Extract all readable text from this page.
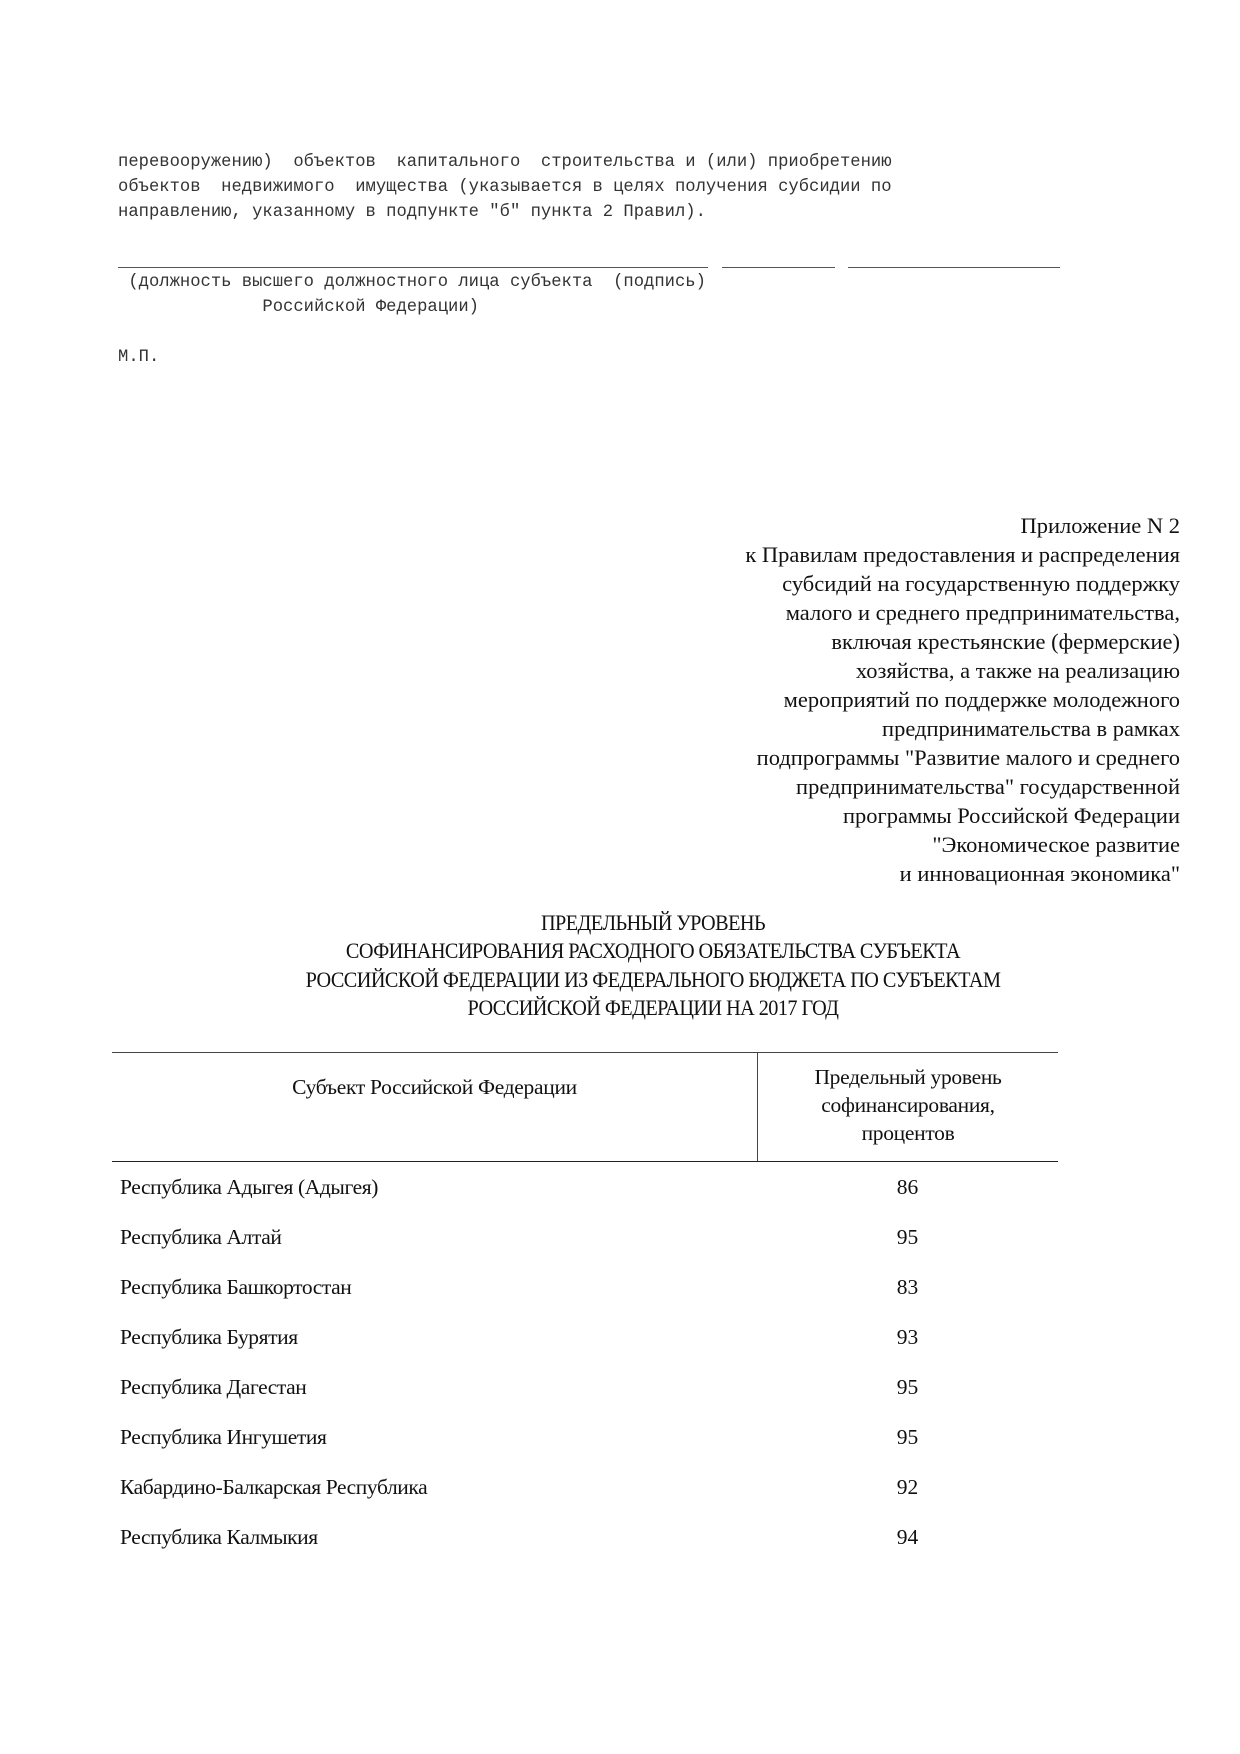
перевооружению)  объектов  капитального  строительства и (или) приобретению

объектов  недвижимого  имущества (указывается в целях получения субсидии по

направлению, указанному в подпункте "б" пункта 2 Правил).

(должность высшего должностного лица субъекта  (подпись)

Российской Федерации)

М.П.

Приложение N 2
к Правилам предоставления и распределения
субсидий на государственную поддержку
малого и среднего предпринимательства,
включая крестьянские (фермерские)
хозяйства, а также на реализацию
мероприятий по поддержке молодежного
предпринимательства в рамках
подпрограммы "Развитие малого и среднего
предпринимательства" государственной
программы Российской Федерации
"Экономическое развитие
и инновационная экономика"
ПРЕДЕЛЬНЫЙ УРОВЕНЬ
СОФИНАНСИРОВАНИЯ РАСХОДНОГО ОБЯЗАТЕЛЬСТВА СУБЪЕКТА
РОССИЙСКОЙ ФЕДЕРАЦИИ ИЗ ФЕДЕРАЛЬНОГО БЮДЖЕТА ПО СУБЪЕКТАМ
РОССИЙСКОЙ ФЕДЕРАЦИИ НА 2017 ГОД
Субъект Российской Федерации	Предельный уровень
софинансирования,
процентов
Республика Адыгея (Адыгея)	86
Республика Алтай	95
Республика Башкортостан	83
Республика Бурятия	93
Республика Дагестан	95
Республика Ингушетия	95
Кабардино-Балкарская Республика	92
Республика Калмыкия	94
